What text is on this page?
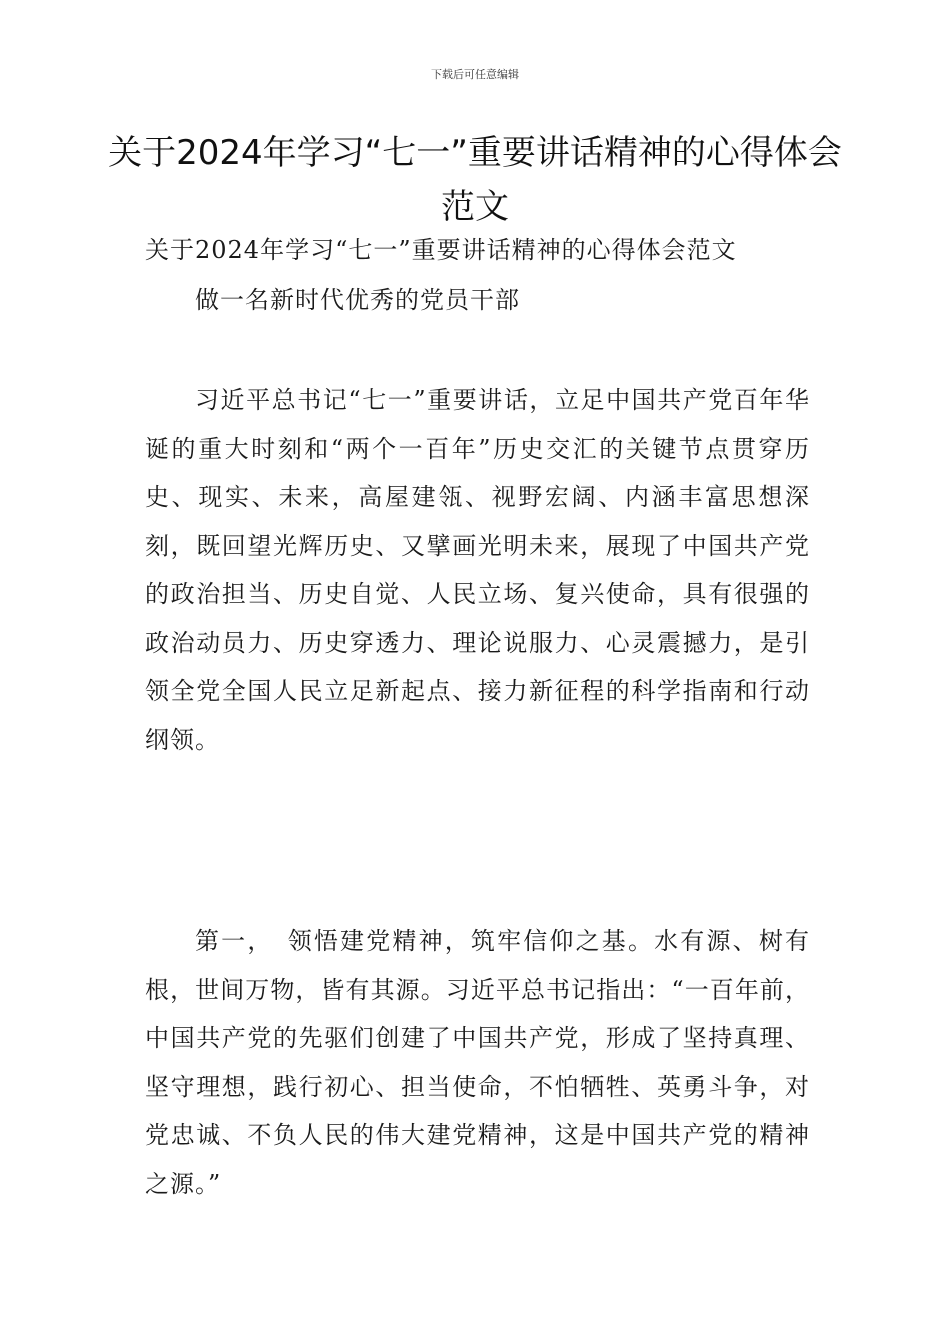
下载后可任意编辑
关于2024年学习“七一”重要讲话精神的心得体会范文

关于2024年学习“七一”重要讲话精神的心得体会范文

做一名新时代优秀的党员干部

习近平总书记“七一”重要讲话，立足中国共产党百年华诞的重大时刻和“两个一百年”历史交汇的关键节点贯穿历史、现实、未来，高屋建瓴、视野宏阔、内涵丰富思想深刻，既回望光辉历史、又擘画光明未来，展现了中国共产党的政治担当、历史自觉、人民立场、复兴使命，具有很强的政治动员力、历史穿透力、理论说服力、心灵震撼力，是引领全党全国人民立足新起点、接力新征程的科学指南和行动纲领。

第一，　领悟建党精神，筑牢信仰之基。水有源、树有根，世间万物，皆有其源。习近平总书记指出：“一百年前，中国共产党的先驱们创建了中国共产党，形成了坚持真理、坚守理想，践行初心、担当使命，不怕牺牲、英勇斗争，对党忠诚、不负人民的伟大建党精神，这是中国共产党的精神之源。”
